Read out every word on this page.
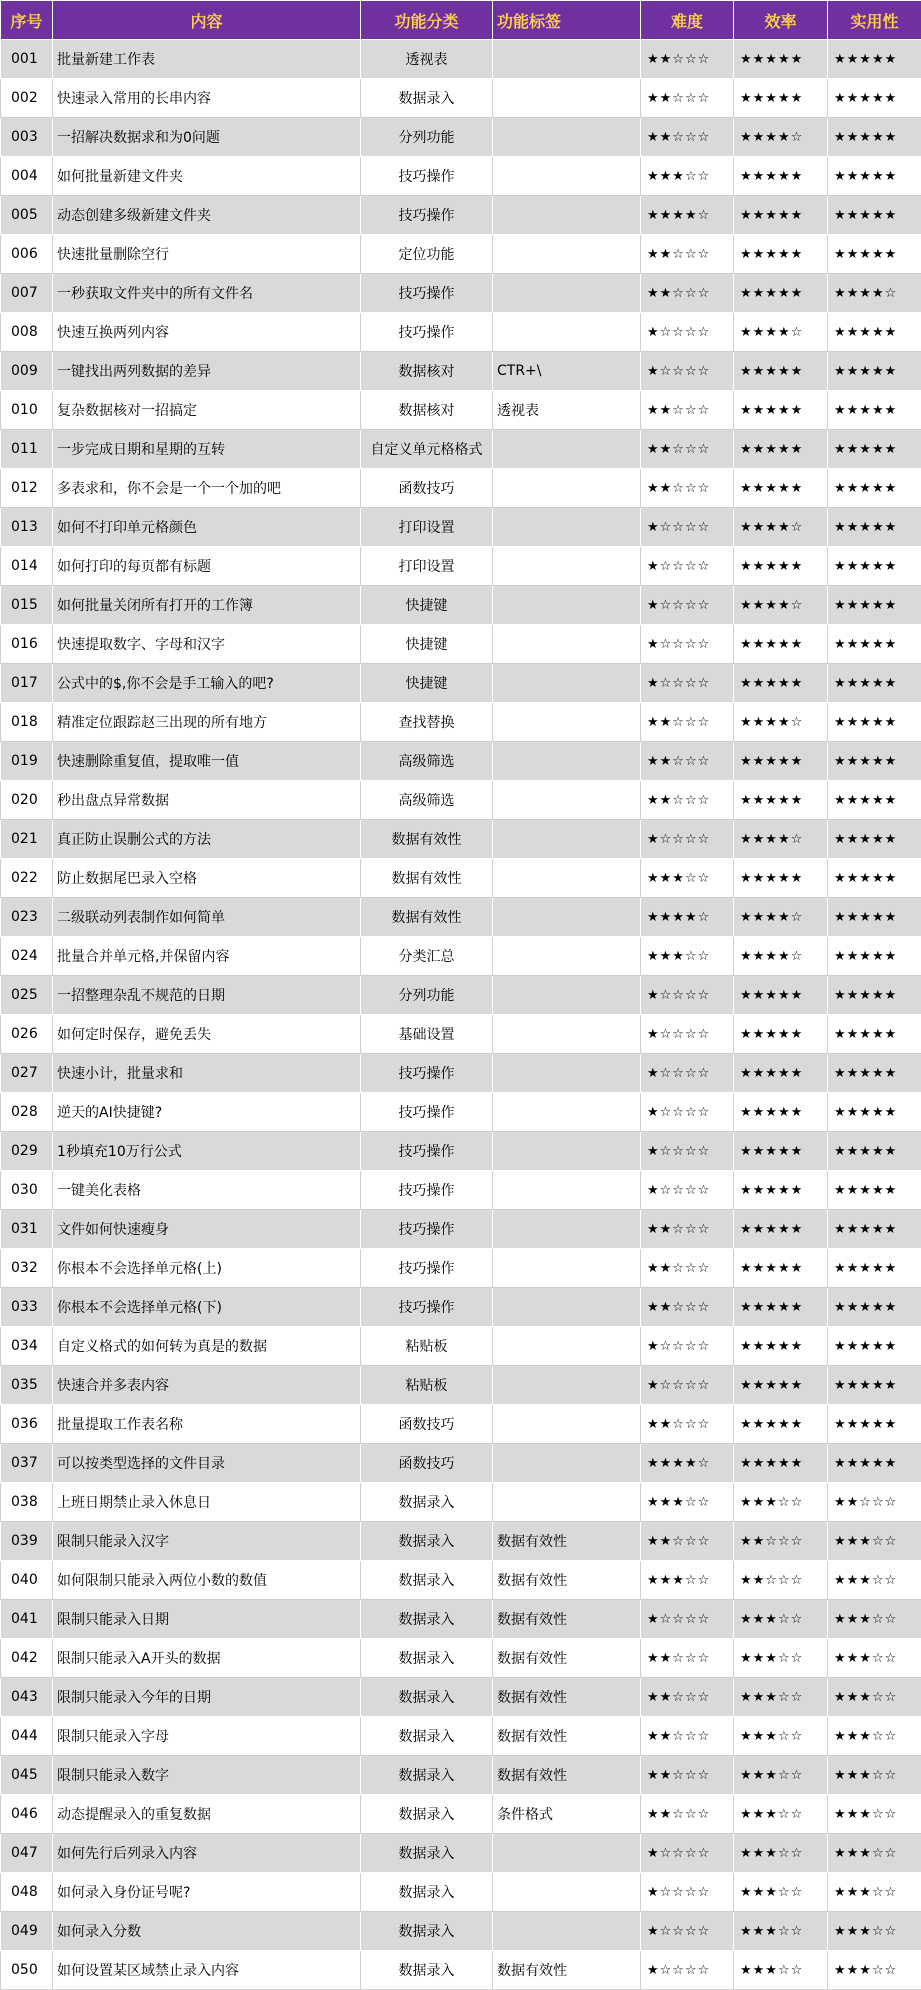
序号	内容	功能分类	功能标签	难度	效率	实用性
001	批量新建工作表	透视表		★★☆☆☆	★★★★★	★★★★★
002	快速录入常用的长串内容	数据录入		★★☆☆☆	★★★★★	★★★★★
003	一招解决数据求和为0问题	分列功能		★★☆☆☆	★★★★☆	★★★★★
004	如何批量新建文件夹	技巧操作		★★★☆☆	★★★★★	★★★★★
005	动态创建多级新建文件夹	技巧操作		★★★★☆	★★★★★	★★★★★
006	快速批量删除空行	定位功能		★★☆☆☆	★★★★★	★★★★★
007	一秒获取文件夹中的所有文件名	技巧操作		★★☆☆☆	★★★★★	★★★★☆
008	快速互换两列内容	技巧操作		★☆☆☆☆	★★★★☆	★★★★★
009	一键找出两列数据的差异	数据核对	CTR+\	★☆☆☆☆	★★★★★	★★★★★
010	复杂数据核对一招搞定	数据核对	透视表	★★☆☆☆	★★★★★	★★★★★
011	一步完成日期和星期的互转	自定义单元格格式		★★☆☆☆	★★★★★	★★★★★
012	多表求和，你不会是一个一个加的吧	函数技巧		★★☆☆☆	★★★★★	★★★★★
013	如何不打印单元格颜色	打印设置		★☆☆☆☆	★★★★☆	★★★★★
014	如何打印的每页都有标题	打印设置		★☆☆☆☆	★★★★★	★★★★★
015	如何批量关闭所有打开的工作簿	快捷键		★☆☆☆☆	★★★★☆	★★★★★
016	快速提取数字、字母和汉字	快捷键		★☆☆☆☆	★★★★★	★★★★★
017	公式中的$,你不会是手工输入的吧?	快捷键		★☆☆☆☆	★★★★★	★★★★★
018	精准定位跟踪赵三出现的所有地方	查找替换		★★☆☆☆	★★★★☆	★★★★★
019	快速删除重复值，提取唯一值	高级筛选		★★☆☆☆	★★★★★	★★★★★
020	秒出盘点异常数据	高级筛选		★★☆☆☆	★★★★★	★★★★★
021	真正防止误删公式的方法	数据有效性		★☆☆☆☆	★★★★☆	★★★★★
022	防止数据尾巴录入空格	数据有效性		★★★☆☆	★★★★★	★★★★★
023	二级联动列表制作如何简单	数据有效性		★★★★☆	★★★★☆	★★★★★
024	批量合并单元格,并保留内容	分类汇总		★★★☆☆	★★★★☆	★★★★★
025	一招整理杂乱不规范的日期	分列功能		★☆☆☆☆	★★★★★	★★★★★
026	如何定时保存，避免丢失	基础设置		★☆☆☆☆	★★★★★	★★★★★
027	快速小计，批量求和	技巧操作		★☆☆☆☆	★★★★★	★★★★★
028	逆天的AI快捷键?	技巧操作		★☆☆☆☆	★★★★★	★★★★★
029	1秒填充10万行公式	技巧操作		★☆☆☆☆	★★★★★	★★★★★
030	一键美化表格	技巧操作		★☆☆☆☆	★★★★★	★★★★★
031	文件如何快速瘦身	技巧操作		★★☆☆☆	★★★★★	★★★★★
032	你根本不会选择单元格(上)	技巧操作		★★☆☆☆	★★★★★	★★★★★
033	你根本不会选择单元格(下)	技巧操作		★★☆☆☆	★★★★★	★★★★★
034	自定义格式的如何转为真是的数据	粘贴板		★☆☆☆☆	★★★★★	★★★★★
035	快速合并多表内容	粘贴板		★☆☆☆☆	★★★★★	★★★★★
036	批量提取工作表名称	函数技巧		★★☆☆☆	★★★★★	★★★★★
037	可以按类型选择的文件目录	函数技巧		★★★★☆	★★★★★	★★★★★
038	上班日期禁止录入休息日	数据录入		★★★☆☆	★★★☆☆	★★☆☆☆
039	限制只能录入汉字	数据录入	数据有效性	★★☆☆☆	★★☆☆☆	★★★☆☆
040	如何限制只能录入两位小数的数值	数据录入	数据有效性	★★★☆☆	★★☆☆☆	★★★☆☆
041	限制只能录入日期	数据录入	数据有效性	★☆☆☆☆	★★★☆☆	★★★☆☆
042	限制只能录入A开头的数据	数据录入	数据有效性	★★☆☆☆	★★★☆☆	★★★☆☆
043	限制只能录入今年的日期	数据录入	数据有效性	★★☆☆☆	★★★☆☆	★★★☆☆
044	限制只能录入字母	数据录入	数据有效性	★★☆☆☆	★★★☆☆	★★★☆☆
045	限制只能录入数字	数据录入	数据有效性	★★☆☆☆	★★★☆☆	★★★☆☆
046	动态提醒录入的重复数据	数据录入	条件格式	★★☆☆☆	★★★☆☆	★★★☆☆
047	如何先行后列录入内容	数据录入		★☆☆☆☆	★★★☆☆	★★★☆☆
048	如何录入身份证号呢?	数据录入		★☆☆☆☆	★★★☆☆	★★★☆☆
049	如何录入分数	数据录入		★☆☆☆☆	★★★☆☆	★★★☆☆
050	如何设置某区域禁止录入内容	数据录入	数据有效性	★☆☆☆☆	★★★☆☆	★★★☆☆
